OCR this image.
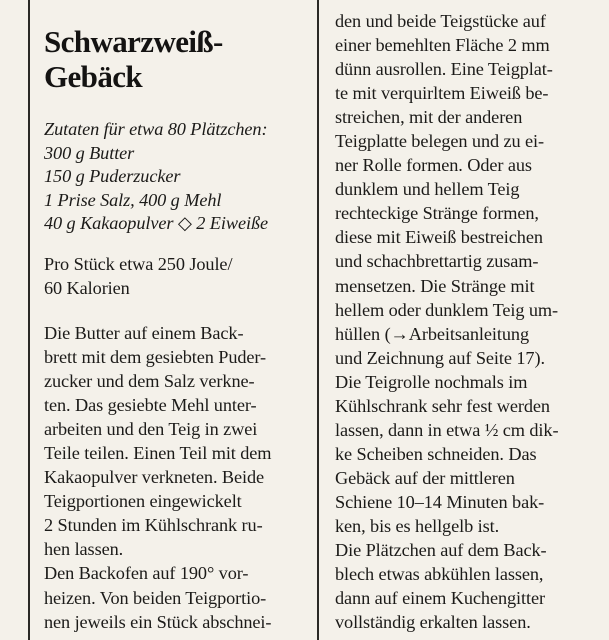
Schwarzweiß-
Gebäck
Zutaten für etwa 80 Plätzchen:
300 g Butter
150 g Puderzucker
1 Prise Salz, 400 g Mehl
40 g Kakaopulver ◇ 2 Eiweiße
Pro Stück etwa 250 Joule/
60 Kalorien
Die Butter auf einem Back-
brett mit dem gesiebten Puder-
zucker und dem Salz verkne-
ten. Das gesiebte Mehl unter-
arbeiten und den Teig in zwei
Teile teilen. Einen Teil mit dem
Kakaopulver verkneten. Beide
Teigportionen eingewickelt
2 Stunden im Kühlschrank ru-
hen lassen.
Den Backofen auf 190° vor-
heizen. Von beiden Teigportio-
nen jeweils ein Stück abschnei-
den und beide Teigstücke auf
einer bemehlten Fläche 2 mm
dünn ausrollen. Eine Teigplat-
te mit verquirltem Eiweiß be-
streichen, mit der anderen
Teigplatte belegen und zu ei-
ner Rolle formen. Oder aus
dunklem und hellem Teig
rechteckige Stränge formen,
diese mit Eiweiß bestreichen
und schachbrettartig zusam-
mensetzen. Die Stränge mit
hellem oder dunklem Teig um-
hüllen (→Arbeitsanleitung
und Zeichnung auf Seite 17).
Die Teigrolle nochmals im
Kühlschrank sehr fest werden
lassen, dann in etwa ½ cm dik-
ke Scheiben schneiden. Das
Gebäck auf der mittleren
Schiene 10–14 Minuten bak-
ken, bis es hellgelb ist.
Die Plätzchen auf dem Back-
blech etwas abkühlen lassen,
dann auf einem Kuchengitter
vollständig erkalten lassen.
